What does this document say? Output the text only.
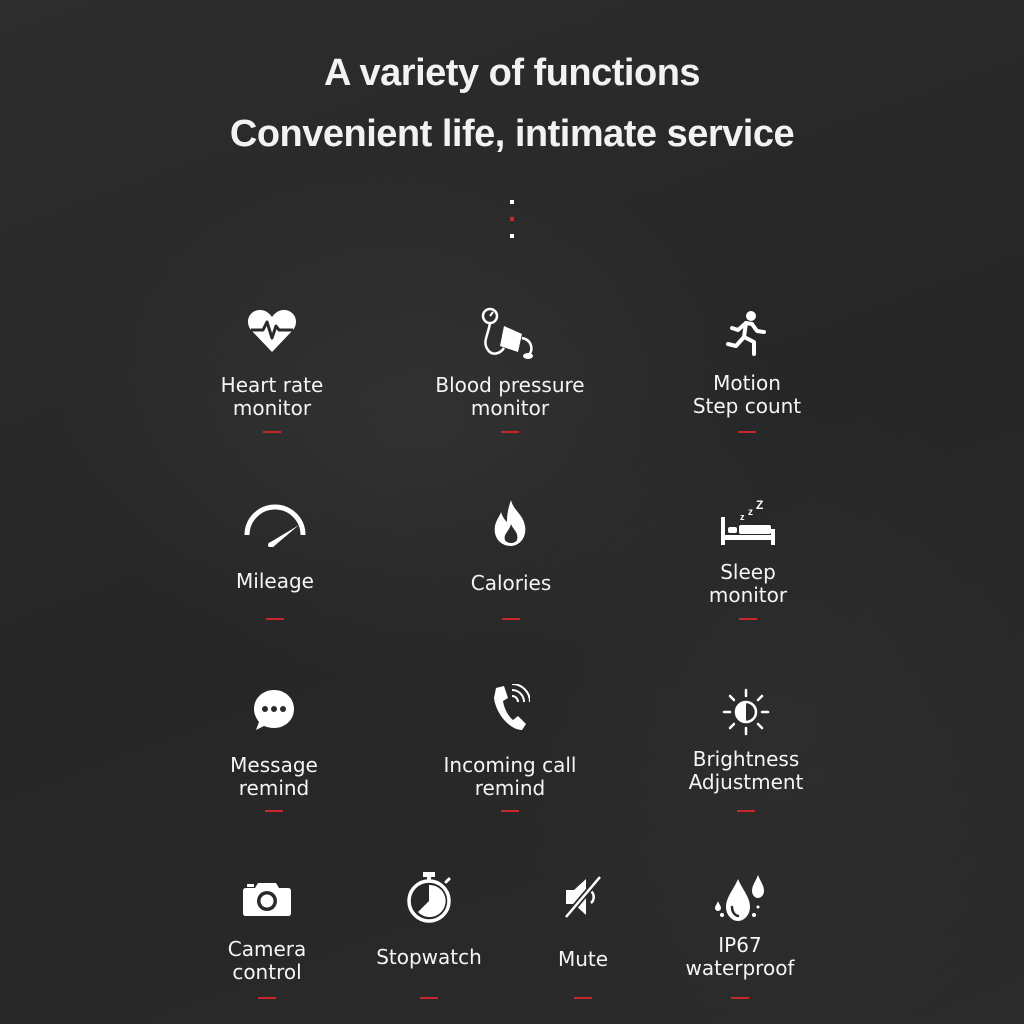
A variety of functions
Convenient life, intimate service
Heart rate
monitor
Blood pressure
monitor
Motion
Step count
Mileage	Calories
Z
z
z
Sleep
monitor
Message
remind
Incoming call
remind
Brightness
Adjustment
Camera
control
Stopwatch	Mute
IP67
waterproof
